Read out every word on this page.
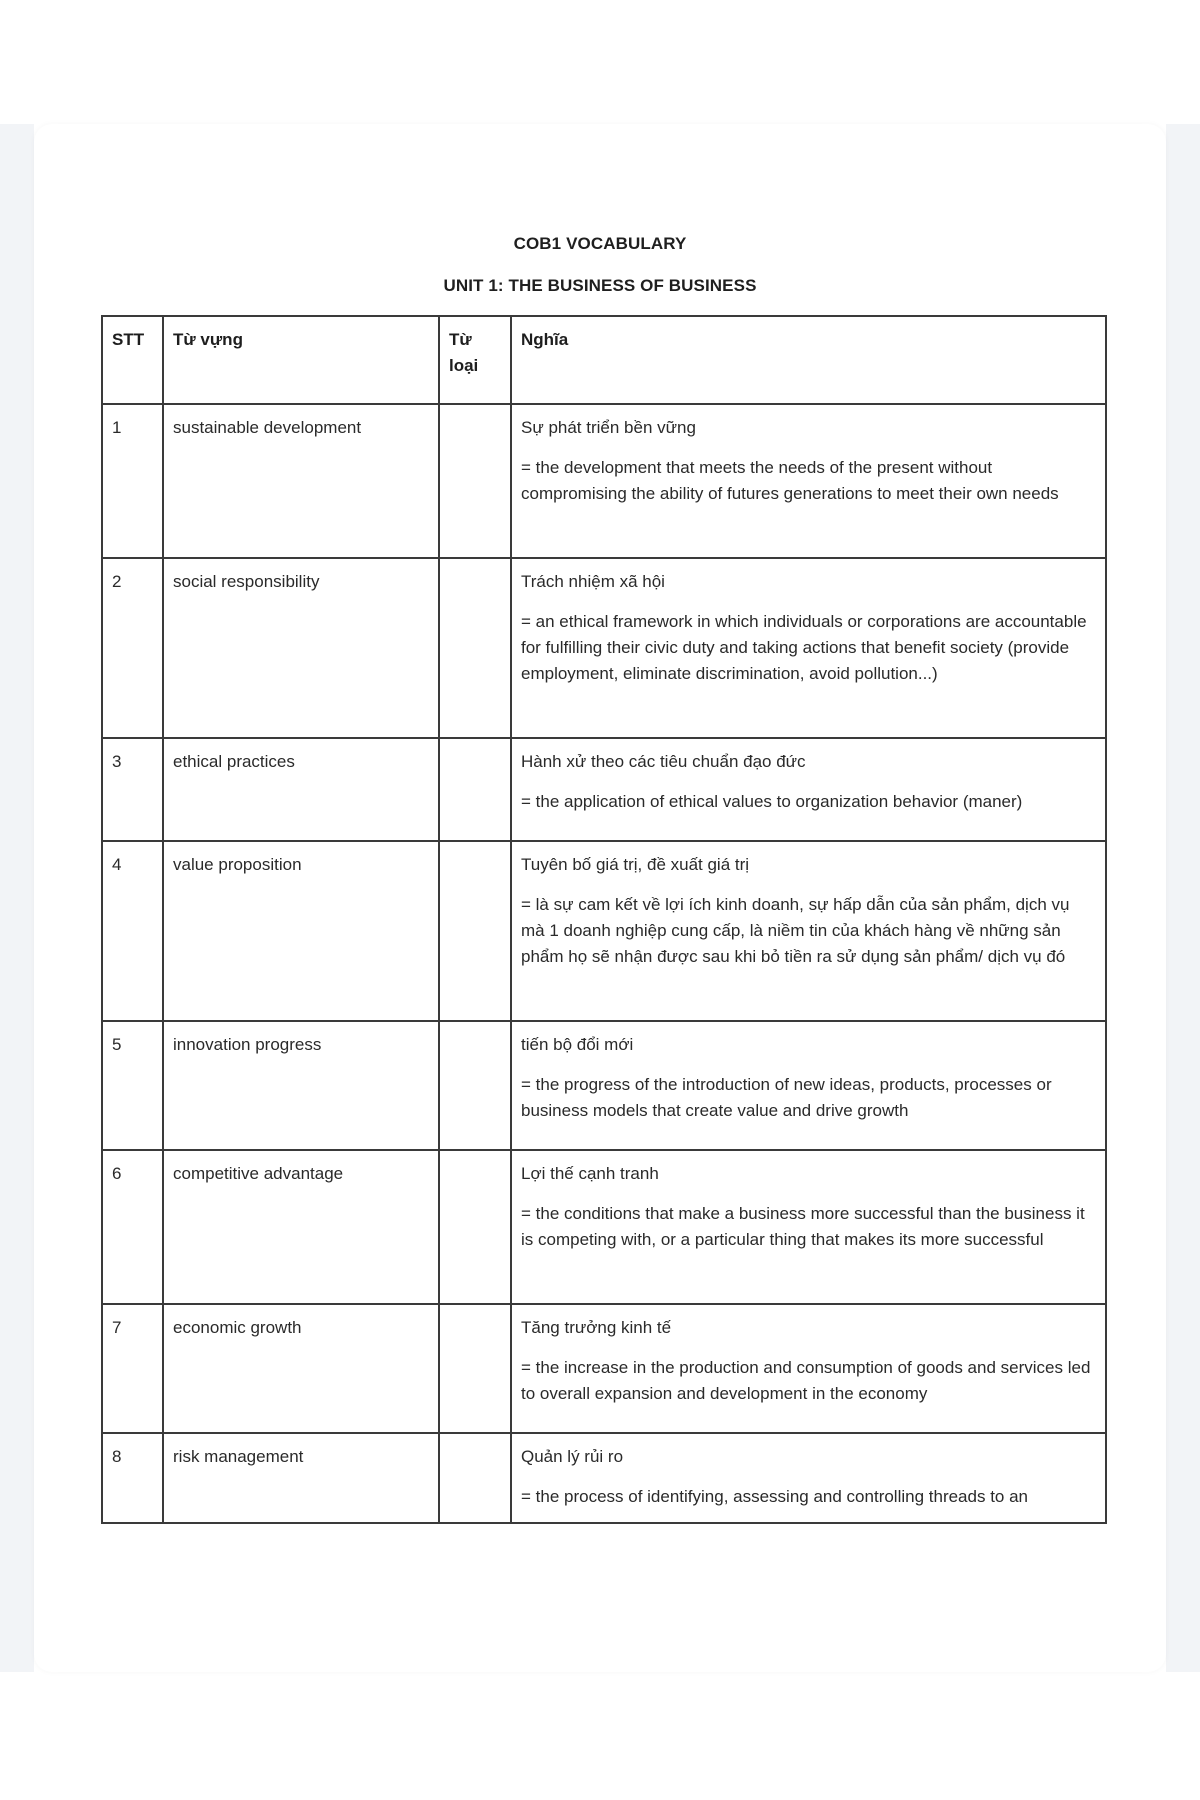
COB1 VOCABULARY
UNIT 1: THE BUSINESS OF BUSINESS
STT	Từ vựng	Từ loại	Nghĩa
1	sustainable development		Sự phát triển bền vững
= the development that meets the needs of the present without compromising the ability of futures generations to meet their own needs

2	social responsibility		Trách nhiệm xã hội
= an ethical framework in which individuals or corporations are accountable for fulfilling their civic duty and taking actions that benefit society (provide employment, eliminate discrimination, avoid pollution...)

3	ethical practices		Hành xử theo các tiêu chuẩn đạo đức
= the application of ethical values to organization behavior (maner)

4	value proposition		Tuyên bố giá trị, đề xuất giá trị
= là sự cam kết về lợi ích kinh doanh, sự hấp dẫn của sản phẩm, dịch vụ mà 1 doanh nghiệp cung cấp, là niềm tin của khách hàng về những sản phẩm họ sẽ nhận được sau khi bỏ tiền ra sử dụng sản phẩm/ dịch vụ đó

5	innovation progress		tiến bộ đổi mới
= the progress of the introduction of new ideas, products, processes or business models that create value and drive growth

6	competitive advantage		Lợi thế cạnh tranh
= the conditions that make a business more successful than the business it is competing with, or a particular thing that makes its more successful

7	economic growth		Tăng trưởng kinh tế
= the increase in the production and consumption of goods and services led to overall expansion and development in the economy

8	risk management		Quản lý rủi ro
= the process of identifying, assessing and controlling threads to an
